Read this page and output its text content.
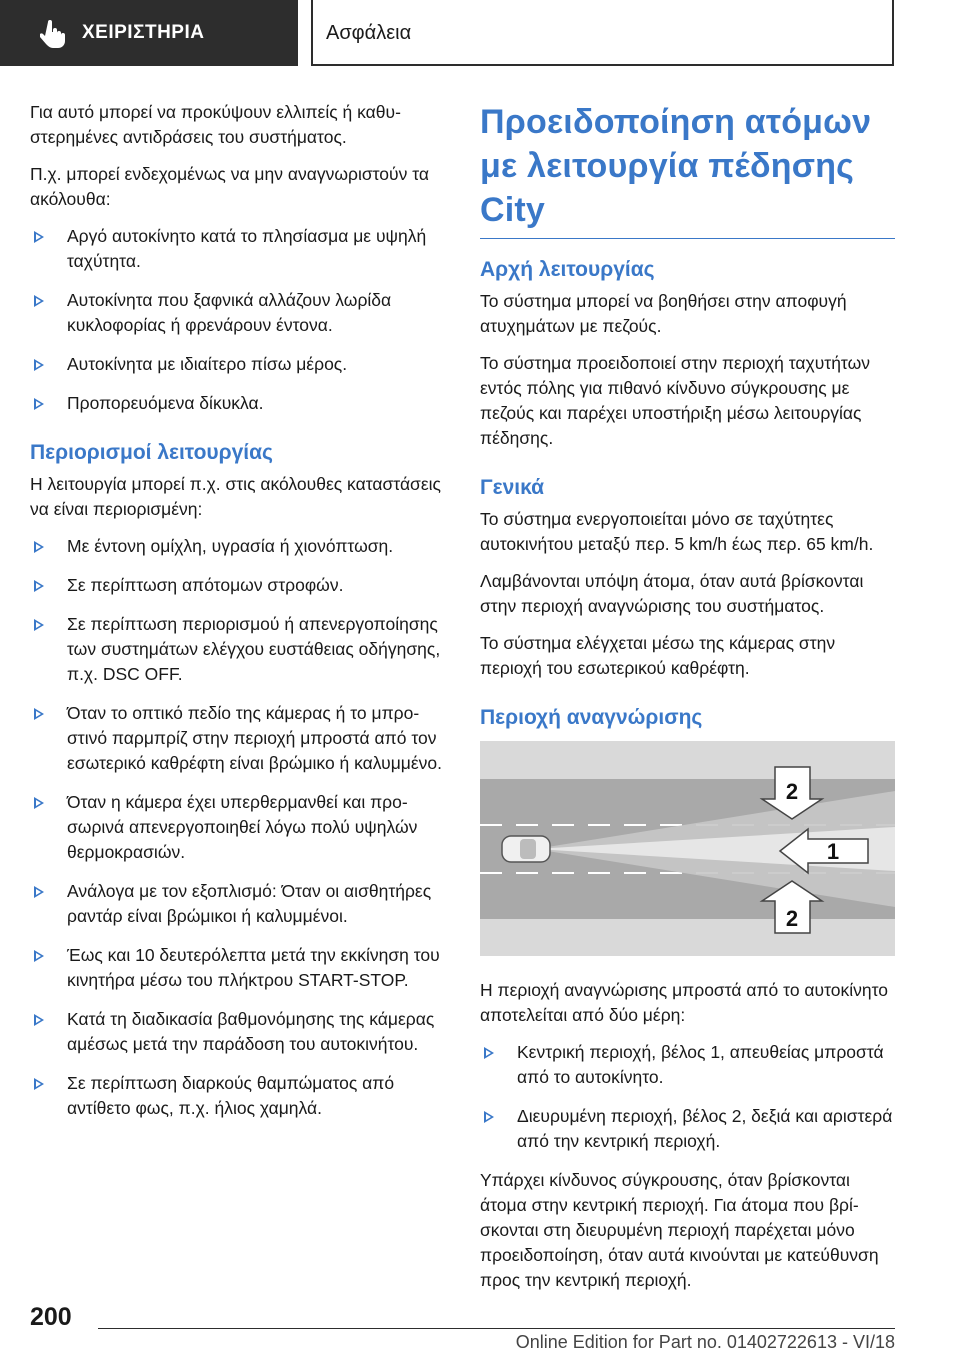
ΧΕΙΡΙΣΤΗΡΙΑ	Ασφάλεια

Για αυτό μπορεί να προκύψουν ελλιπείς ή καθυστερημένες αντιδράσεις του συστήματος.

Π.χ. μπορεί ενδεχομένως να μην αναγνωριστούν τα ακόλουθα:

Αργό αυτοκίνητο κατά το πλησίασμα με υψηλή ταχύτητα.
Αυτοκίνητα που ξαφνικά αλλάζουν λωρίδα κυκλοφορίας ή φρενάρουν έντονα.
Αυτοκίνητα με ιδιαίτερο πίσω μέρος.
Προπορευόμενα δίκυκλα.
Περιορισμοί λειτουργίας

Η λειτουργία μπορεί π.χ. στις ακόλουθες καταστάσεις να είναι περιορισμένη:

Με έντονη ομίχλη, υγρασία ή χιονόπτωση.
Σε περίπτωση απότομων στροφών.
Σε περίπτωση περιορισμού ή απενεργοποίησης των συστημάτων ελέγχου ευστάθειας οδήγησης, π.χ. DSC OFF.
Όταν το οπτικό πεδίο της κάμερας ή το μπροστινό παρμπρίζ στην περιοχή μπροστά από τον εσωτερικό καθρέφτη είναι βρώμικο ή καλυμμένο.
Όταν η κάμερα έχει υπερθερμανθεί και προσωρινά απενεργοποιηθεί λόγω πολύ υψηλών θερμοκρασιών.
Ανάλογα με τον εξοπλισμό: Όταν οι αισθητήρες ραντάρ είναι βρώμικοι ή καλυμμένοι.
Έως και 10 δευτερόλεπτα μετά την εκκίνηση του κινητήρα μέσω του πλήκτρου START-STOP.
Κατά τη διαδικασία βαθμονόμησης της κάμερας αμέσως μετά την παράδοση του αυτοκινήτου.
Σε περίπτωση διαρκούς θαμπώματος από αντίθετο φως, π.χ. ήλιος χαμηλά.
Προειδοποίηση ατόμων με λειτουργία πέδησης City
Αρχή λειτουργίας

Το σύστημα μπορεί να βοηθήσει στην αποφυγή ατυχημάτων με πεζούς.

Το σύστημα προειδοποιεί στην περιοχή ταχυτήτων εντός πόλης για πιθανό κίνδυνο σύγκρουσης με πεζούς και παρέχει υποστήριξη μέσω λειτουργίας πέδησης.

Γενικά

Το σύστημα ενεργοποιείται μόνο σε ταχύτητες αυτοκινήτου μεταξύ περ. 5 km/h έως περ. 65 km/h.

Λαμβάνονται υπόψη άτομα, όταν αυτά βρίσκονται στην περιοχή αναγνώρισης του συστήματος.

Το σύστημα ελέγχεται μέσω της κάμερας στην περιοχή του εσωτερικού καθρέφτη.

Περιοχή αναγνώρισης
2
1
2

Η περιοχή αναγνώρισης μπροστά από το αυτοκίνητο αποτελείται από δύο μέρη:

Κεντρική περιοχή, βέλος 1, απευθείας μπροστά από το αυτοκίνητο.
Διευρυμένη περιοχή, βέλος 2, δεξιά και αριστερά από την κεντρική περιοχή.

Υπάρχει κίνδυνος σύγκρουσης, όταν βρίσκονται άτομα στην κεντρική περιοχή. Για άτομα που βρίσκονται στη διευρυμένη περιοχή παρέχεται μόνο προειδοποίηση, όταν αυτά κινούνται με κατεύθυνση προς την κεντρική περιοχή.

200
Online Edition for Part no. 01402722613 - VI/18
